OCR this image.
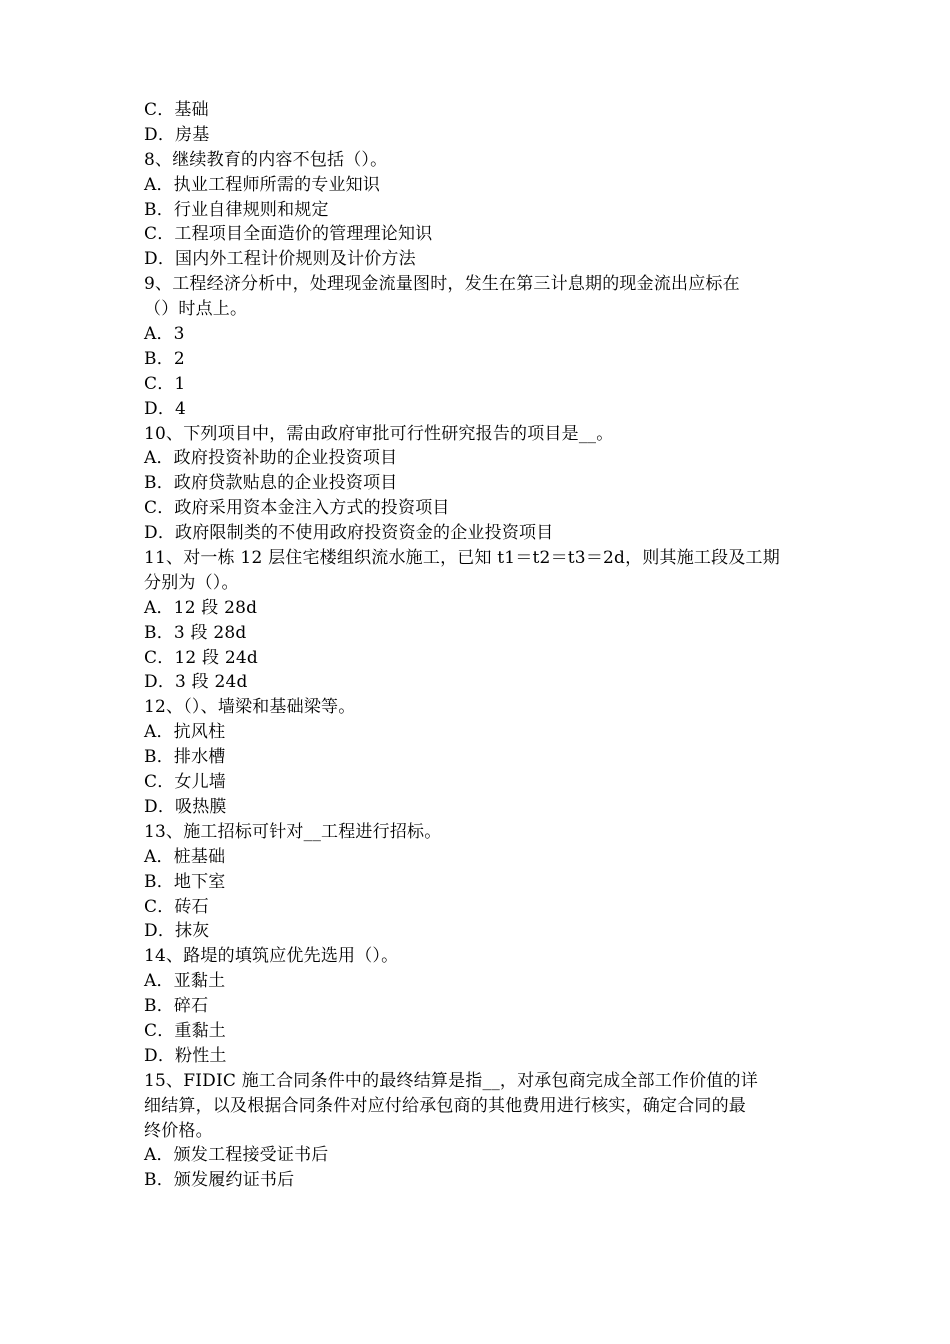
C．基础
D．房基
8、继续教育的内容不包括（）。
A．执业工程师所需的专业知识
B．行业自律规则和规定
C．工程项目全面造价的管理理论知识
D．国内外工程计价规则及计价方法
9、工程经济分析中，处理现金流量图时，发生在第三计息期的现金流出应标在
（）时点上。
A．3
B．2
C．1
D．4
10、下列项目中，需由政府审批可行性研究报告的项目是__。
A．政府投资补助的企业投资项目
B．政府贷款贴息的企业投资项目
C．政府采用资本金注入方式的投资项目
D．政府限制类的不使用政府投资资金的企业投资项目
11、对一栋 12 层住宅楼组织流水施工，已知 t1＝t2＝t3＝2d，则其施工段及工期
分别为（）。
A．12 段 28d
B．3 段 28d
C．12 段 24d
D．3 段 24d
12、（）、墙梁和基础梁等。
A．抗风柱
B．排水槽
C．女儿墙
D．吸热膜
13、施工招标可针对__工程进行招标。
A．桩基础
B．地下室
C．砖石
D．抹灰
14、路堤的填筑应优先选用（）。
A．亚黏土
B．碎石
C．重黏土
D．粉性土
15、FIDIC 施工合同条件中的最终结算是指__，对承包商完成全部工作价值的详
细结算，以及根据合同条件对应付给承包商的其他费用进行核实，确定合同的最
终价格。
A．颁发工程接受证书后
B．颁发履约证书后
